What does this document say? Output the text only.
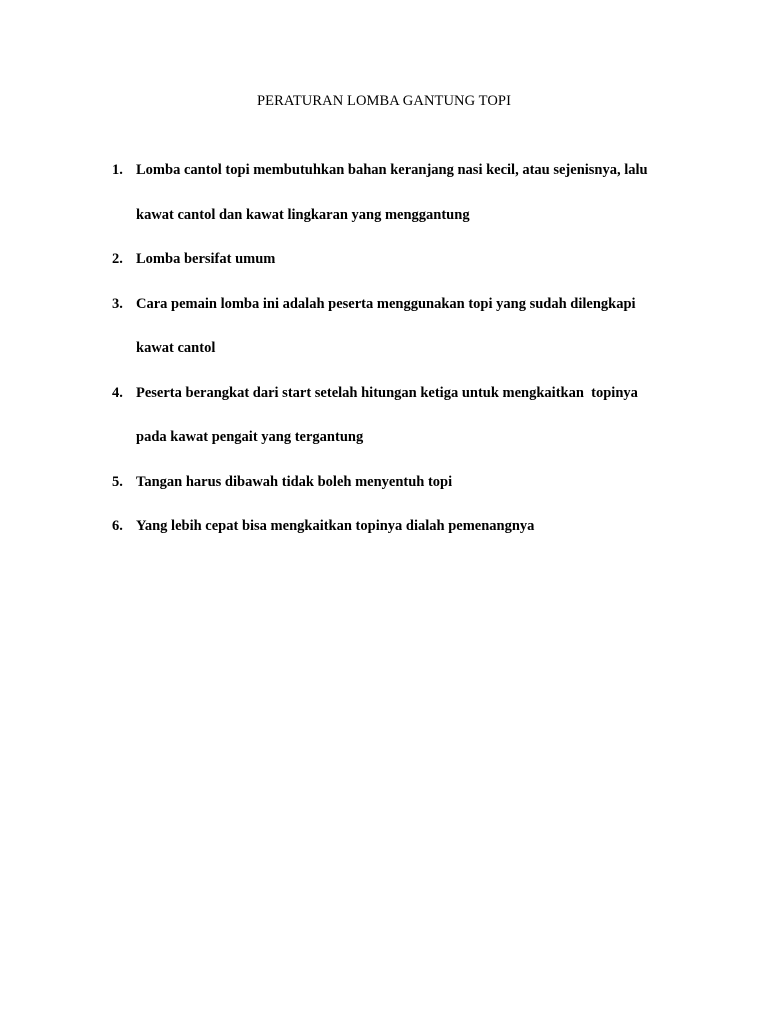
PERATURAN LOMBA GANTUNG TOPI
1. Lomba cantol topi membutuhkan bahan keranjang nasi kecil, atau sejenisnya, lalu
kawat cantol dan kawat lingkaran yang menggantung
2. Lomba bersifat umum
3. Cara pemain lomba ini adalah peserta menggunakan topi yang sudah dilengkapi
kawat cantol
4. Peserta berangkat dari start setelah hitungan ketiga untuk mengkaitkan  topinya
pada kawat pengait yang tergantung
5. Tangan harus dibawah tidak boleh menyentuh topi
6. Yang lebih cepat bisa mengkaitkan topinya dialah pemenangnya
